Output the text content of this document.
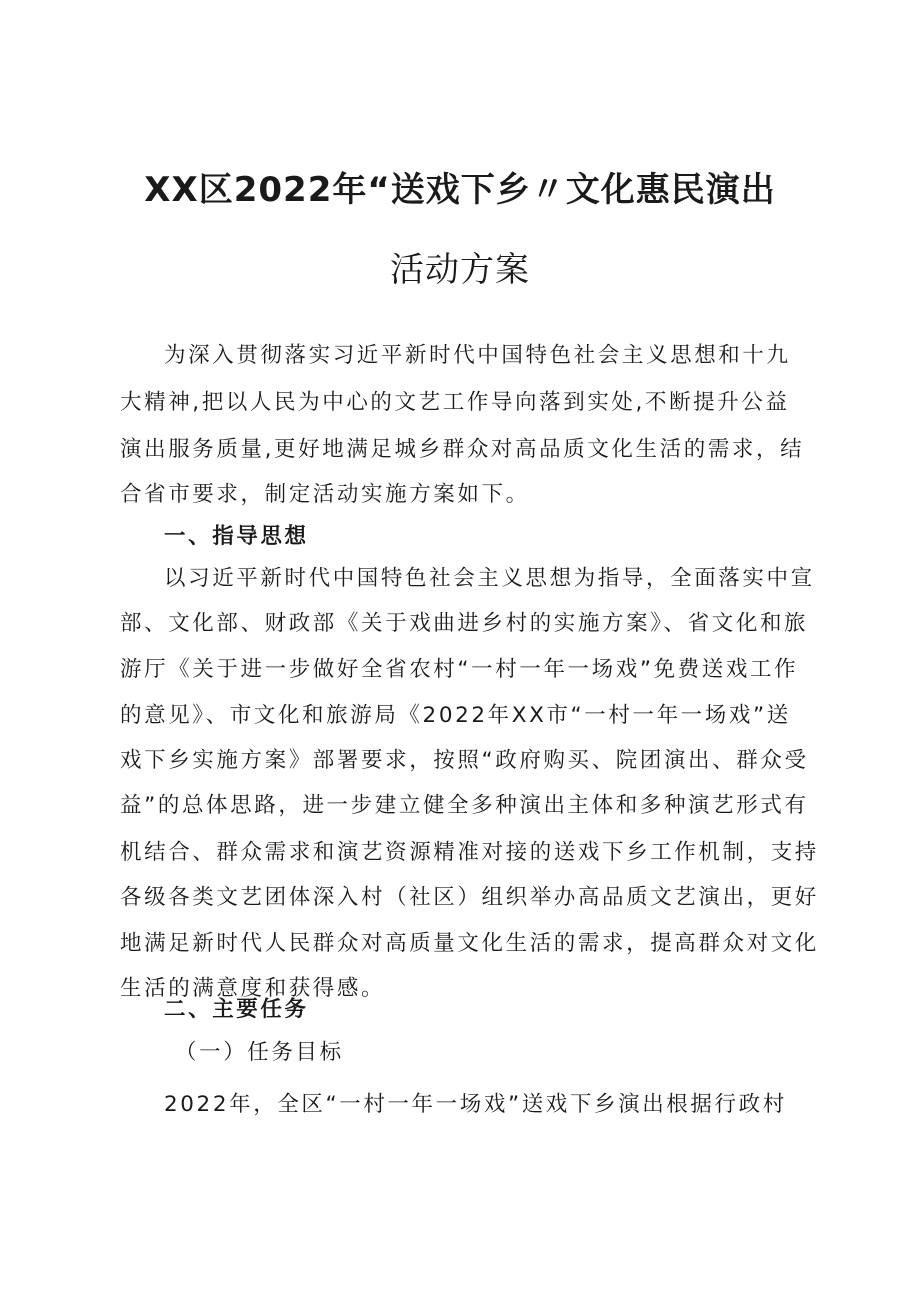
XX区2022年“送戏下乡〃文化惠民演出
活动方案
为深入贯彻落实习近平新时代中国特色社会主义思想和十九
大精神,把以人民为中心的文艺工作导向落到实处,不断提升公益
演出服务质量,更好地满足城乡群众对高品质文化生活的需求，结
合省市要求，制定活动实施方案如下。
一、指导思想
以习近平新时代中国特色社会主义思想为指导，全面落实中宣
部、文化部、财政部《关于戏曲进乡村的实施方案》、省文化和旅
游厅《关于进一步做好全省农村“一村一年一场戏”免费送戏工作
的意见》、市文化和旅游局《2022年XX市“一村一年一场戏”送
戏下乡实施方案》部署要求，按照“政府购买、院团演出、群众受
益”的总体思路，进一步建立健全多种演出主体和多种演艺形式有
机结合、群众需求和演艺资源精准对接的送戏下乡工作机制，支持
各级各类文艺团体深入村（社区）组织举办高品质文艺演出，更好
地满足新时代人民群众对高质量文化生活的需求，提高群众对文化
生活的满意度和获得感。
二、主要任务
（一）任务目标
2022年，全区“一村一年一场戏”送戏下乡演出根据行政村
